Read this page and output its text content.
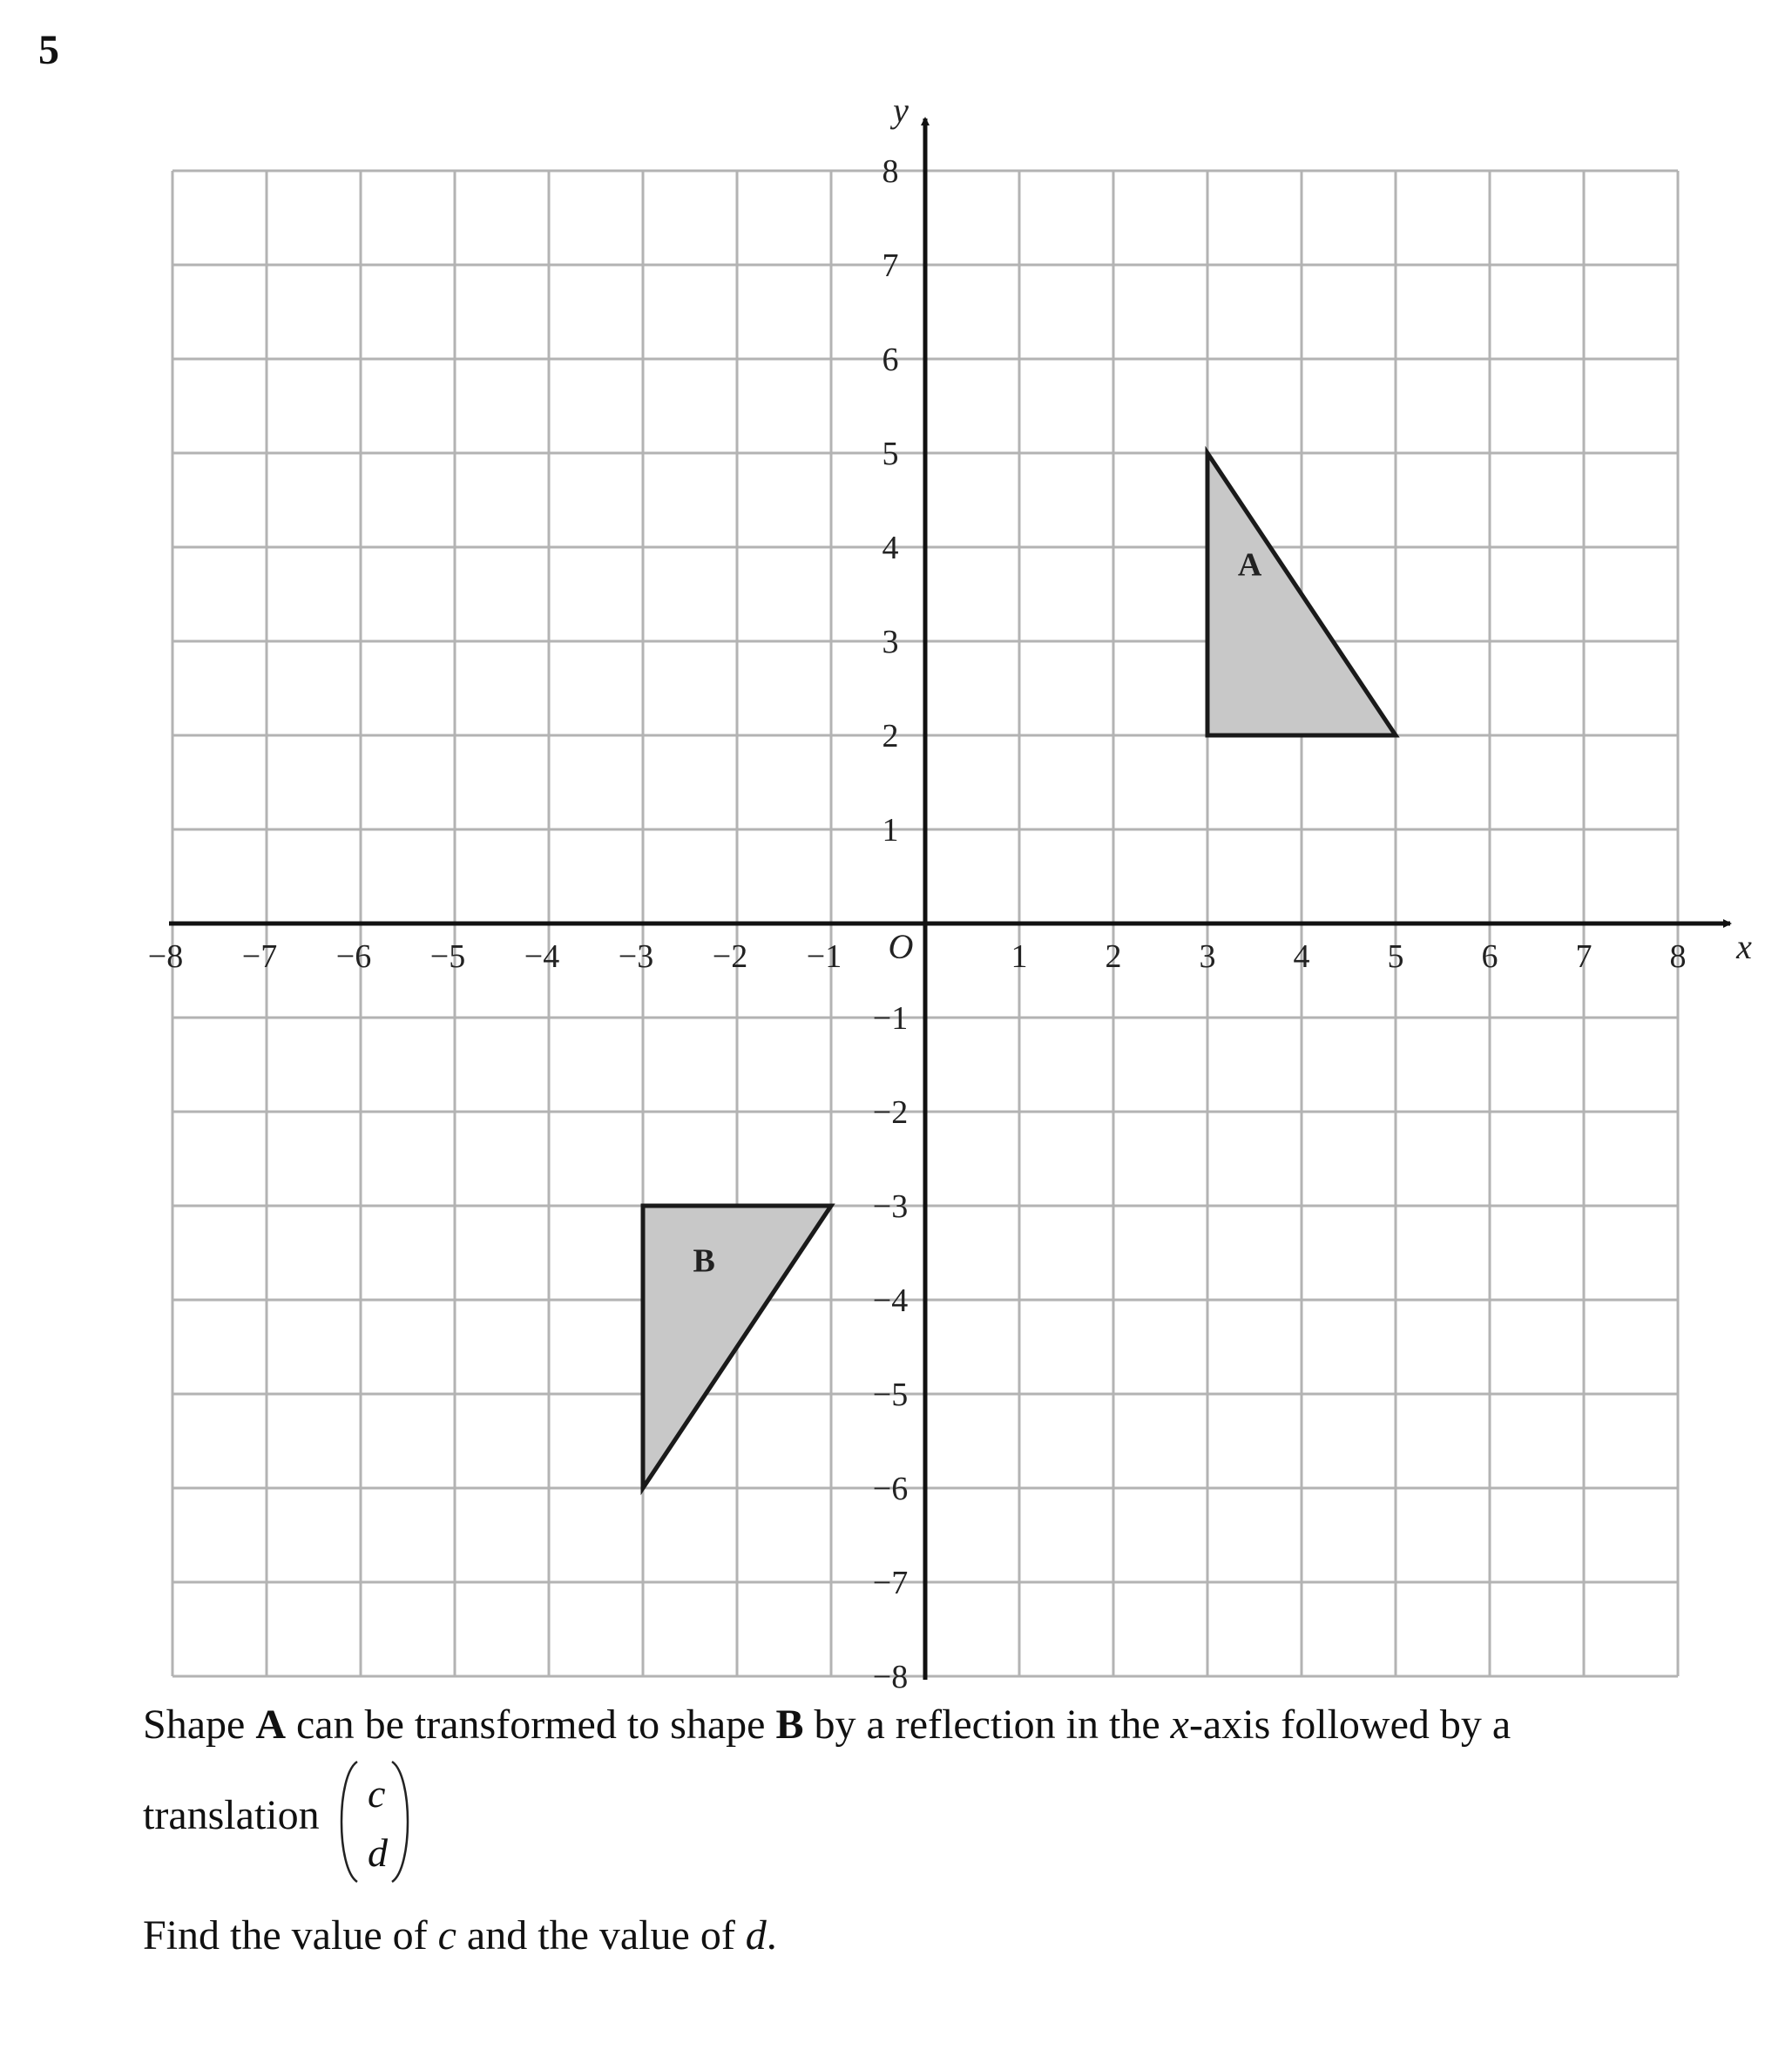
5
A
B
x
y
O
−8 −7 −6 −5 −4 −3 −2 −1	1 2 3 4 5 6 7 8
8
7
6
5
4
3
2
1
−1
−2
−3
−4
−5
−6
−7
−8
Shape A can be transformed to shape B by a reflection in the x-axis followed by a
translation c
d
Find the value of c and the value of d.
